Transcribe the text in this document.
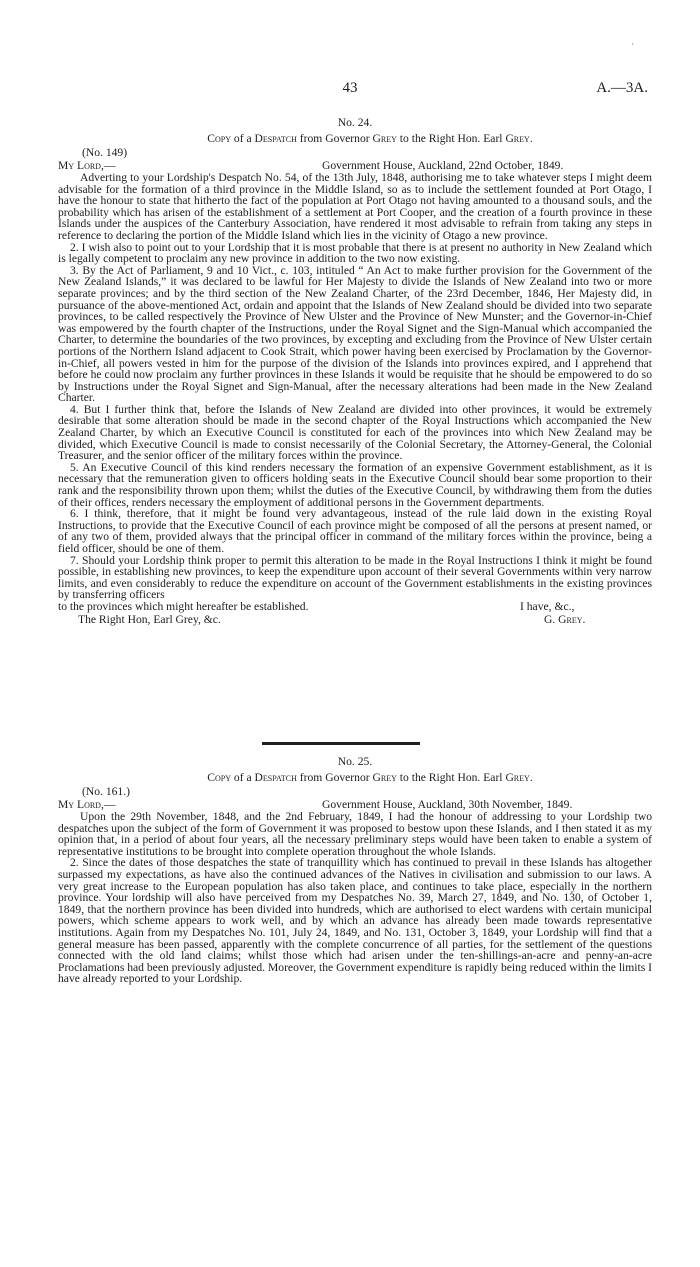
·
43	A.—3A.
No. 24.
Copy of a Despatch from Governor Grey to the Right Hon. Earl Grey.
(No. 149)
My Lord,—	Government House, Auckland, 22nd October, 1849.

Adverting to your Lordship's Despatch No. 54, of the 13th July, 1848, authorising me to take whatever steps I might deem advisable for the formation of a third province in the Middle Island, so as to include the settlement founded at Port Otago, I have the honour to state that hitherto the fact of the population at Port Otago not having amounted to a thousand souls, and the probability which has arisen of the establishment of a settlement at Port Cooper, and the creation of a fourth province in these Islands under the auspices of the Canterbury Association, have rendered it most advisable to refrain from taking any steps in reference to declaring the portion of the Middle Island which lies in the vicinity of Otago a new province.

2. I wish also to point out to your Lordship that it is most probable that there is at present no authority in New Zealand which is legally competent to proclaim any new province in addition to the two now existing.

3. By the Act of Parliament, 9 and 10 Vict., c. 103, intituled “ An Act to make further provision for the Government of the New Zealand Islands,” it was declared to be lawful for Her Majesty to divide the Islands of New Zealand into two or more separate provinces; and by the third section of the New Zealand Charter, of the 23rd December, 1846, Her Majesty did, in pursuance of the above-mentioned Act, ordain and appoint that the Islands of New Zealand should be divided into two separate provinces, to be called respectively the Province of New Ulster and the Province of New Munster; and the Governor-in-Chief was empowered by the fourth chapter of the Instructions, under the Royal Signet and the Sign-Manual which accompanied the Charter, to determine the boundaries of the two provinces, by excepting and excluding from the Province of New Ulster certain portions of the Northern Island adjacent to Cook Strait, which power having been exercised by Proclamation by the Governor-in-Chief, all powers vested in him for the purpose of the division of the Islands into provinces expired, and I apprehend that before he could now proclaim any further provinces in these Islands it would be requisite that he should be empowered to do so by Instructions under the Royal Signet and Sign-Manual, after the necessary alterations had been made in the New Zealand Charter.

4. But I further think that, before the Islands of New Zealand are divided into other provinces, it would be extremely desirable that some alteration should be made in the second chapter of the Royal Instructions which accompanied the New Zealand Charter, by which an Executive Council is constituted for each of the provinces into which New Zealand may be divided, which Executive Council is made to consist necessarily of the Colonial Secretary, the Attorney-General, the Colonial Treasurer, and the senior officer of the military forces within the province.

5. An Executive Council of this kind renders necessary the formation of an expensive Government establishment, as it is necessary that the remuneration given to officers holding seats in the Executive Council should bear some proportion to their rank and the responsibility thrown upon them; whilst the duties of the Executive Council, by withdrawing them from the duties of their offices, renders necessary the employment of additional persons in the Government departments.

6. I think, therefore, that it might be found very advantageous, instead of the rule laid down in the existing Royal Instructions, to provide that the Executive Council of each province might be composed of all the persons at present named, or of any two of them, provided always that the principal officer in command of the military forces within the province, being a field officer, should be one of them.

7. Should your Lordship think proper to permit this alteration to be made in the Royal Instructions I think it might be found possible, in establishing new provinces, to keep the expenditure upon account of their several Governments within very narrow limits, and even considerably to reduce the expenditure on account of the Government establishments in the existing provinces by transferring officers

to the provinces which might hereafter be established.	I have, &c.,
The Right Hon, Earl Grey, &c.	G. Grey.
No. 25.
Copy of a Despatch from Governor Grey to the Right Hon. Earl Grey.
(No. 161.)
My Lord,—	Government House, Auckland, 30th November, 1849.

Upon the 29th November, 1848, and the 2nd February, 1849, I had the honour of addressing to your Lordship two despatches upon the subject of the form of Government it was proposed to bestow upon these Islands, and I then stated it as my opinion that, in a period of about four years, all the necessary preliminary steps would have been taken to enable a system of representative institutions to be brought into complete operation throughout the whole Islands.

2. Since the dates of those despatches the state of tranquillity which has continued to prevail in these Islands has altogether surpassed my expectations, as have also the continued advances of the Natives in civilisation and submission to our laws. A very great increase to the European population has also taken place, and continues to take place, especially in the northern province. Your lordship will also have perceived from my Despatches No. 39, March 27, 1849, and No. 130, of October 1, 1849, that the northern province has been divided into hundreds, which are authorised to elect wardens with certain municipal powers, which scheme appears to work well, and by which an advance has already been made towards representative institutions. Again from my Despatches No. 101, July 24, 1849, and No. 131, October 3, 1849, your Lordship will find that a general measure has been passed, apparently with the complete concurrence of all parties, for the settlement of the questions connected with the old land claims; whilst those which had arisen under the ten-shillings-an-acre and penny-an-acre Proclamations had been previously adjusted. Moreover, the Government expenditure is rapidly being reduced within the limits I have already reported to your Lordship.
